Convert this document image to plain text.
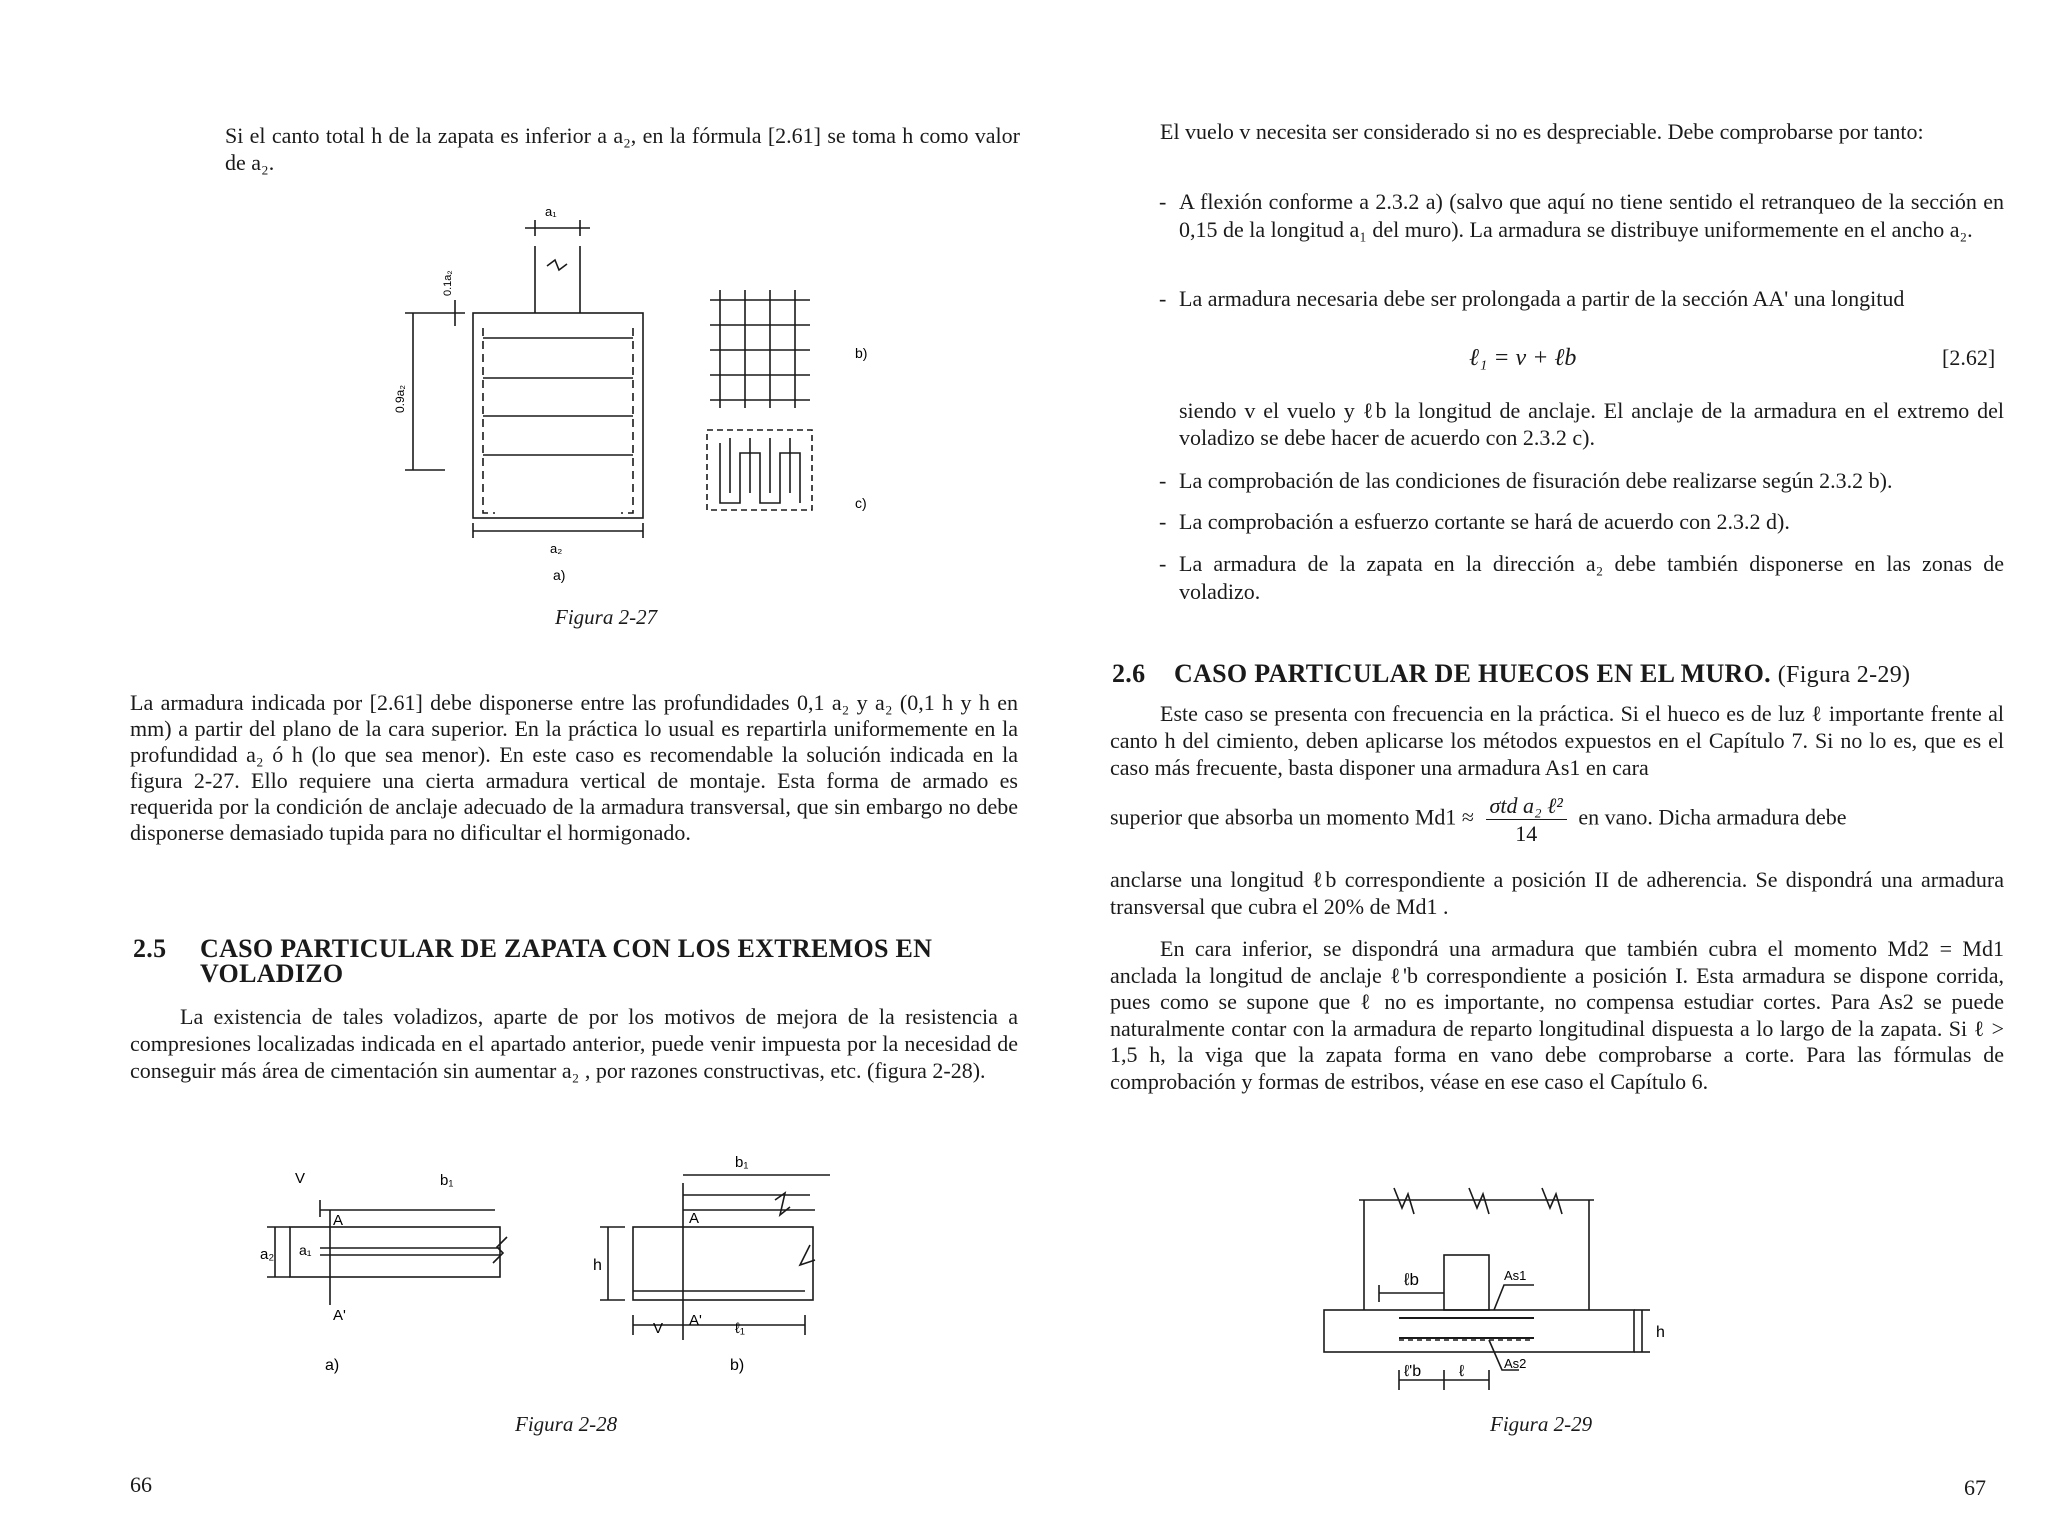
Si el canto total h de la zapata es inferior a a₂, en la fórmula [2.61] se toma h como valor de a₂.

a₁
a₂
a)
b)
c)
0.9a₂
0.1a₂
Figura 2-27

La armadura indicada por [2.61] debe disponerse entre las profundidades 0,1 a₂ y a₂ (0,1 h y h en mm) a partir del plano de la cara superior. En la práctica lo usual es repartirla uniformemente en la profundidad a₂ ó h (lo que sea menor). En este caso es recomendable la solución indicada en la figura 2-27. Ello requiere una cierta armadura vertical de montaje. Esta forma de armado es requerida por la condición de anclaje adecuado de la armadura transversal, que sin embargo no debe disponerse demasiado tupida para no dificultar el hormigonado.

2.5 CASO PARTICULAR DE ZAPATA CON LOS EXTREMOS EN
VOLADIZO

La existencia de tales voladizos, aparte de por los motivos de mejora de la resistencia a compresiones localizadas indicada en el apartado anterior, puede venir impuesta por la necesidad de conseguir más área de cimentación sin aumentar a₂ , por razones constructivas, etc. (figura 2-28).

V	b₁
A
A'
a₂ a₁
a)
b₁
A
A'
h
V	ℓ₁
b)
Figura 2-28
66

El vuelo v necesita ser considerado si no es despreciable. Debe comprobarse por tanto:

- A flexión conforme a 2.3.2 a) (salvo que aquí no tiene sentido el retranqueo de la sección en 0,15 de la longitud a₁ del muro). La armadura se distribuye uniformemente en el ancho a₂.
- La armadura necesaria debe ser prolongada a partir de la sección AA' una longitud
ℓ₁ = v + ℓb	[2.62]

siendo v el vuelo y ℓb la longitud de anclaje. El anclaje de la armadura en el extremo del voladizo se debe hacer de acuerdo con 2.3.2 c).

- La comprobación de las condiciones de fisuración debe realizarse según 2.3.2 b).
- La comprobación a esfuerzo cortante se hará de acuerdo con 2.3.2 d).
- La armadura de la zapata en la dirección a₂ debe también disponerse en las zonas de voladizo.
2.6 CASO PARTICULAR DE HUECOS EN EL MURO. (Figura 2-29)

Este caso se presenta con frecuencia en la práctica. Si el hueco es de luz ℓ importante frente al canto h del cimiento, deben aplicarse los métodos expuestos en el Capítulo 7. Si no lo es, que es el caso más frecuente, basta disponer una armadura As1 en cara

superior que absorba un momento $Md1 \approx \frac{\text{σtd a₂ ℓ²}}{14}$ en vano. Dicha armadura debe

anclarse una longitud ℓb correspondiente a posición II de adherencia. Se dispondrá una armadura transversal que cubra el 20% de Md1 .

En cara inferior, se dispondrá una armadura que también cubra el momento Md2 = Md1 anclada la longitud de anclaje ℓ'b correspondiente a posición I. Esta armadura se dispone corrida, pues como se supone que ℓ no es importante, no compensa estudiar cortes. Para As2 se puede naturalmente contar con la armadura de reparto longitudinal dispuesta a lo largo de la zapata. Si ℓ > 1,5 h, la viga que la zapata forma en vano debe comprobarse a corte. Para las fórmulas de comprobación y formas de estribos, véase en ese caso el Capítulo 6.

ℓb	As1
As2
ℓ'b ℓ
h
Figura 2-29
67
